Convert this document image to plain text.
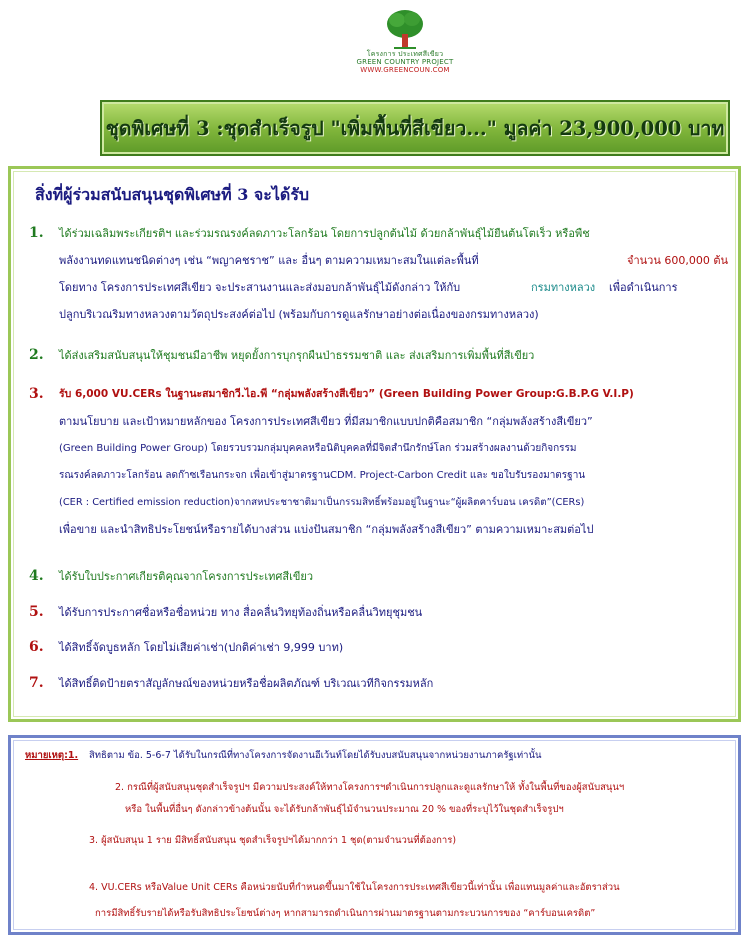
โครงการ ประเทศสีเขียว
GREEN COUNTRY PROJECT
WWW.GREENCOUN.COM
ชุดพิเศษที่ 3 :ชุดสำเร็จรูป "เพิ่มพื้นที่สีเขียว..." มูลค่า 23,900,000 บาท
สิ่งที่ผู้ร่วมสนับสนุนชุดพิเศษที่ 3 จะได้รับ
1.	ได้ร่วมเฉลิมพระเกียรติฯ และร่วมรณรงค์ลดภาวะโลกร้อน โดยการปลูกต้นไม้ ด้วยกล้าพันธุ์ไม้ยืนต้นโตเร็ว หรือพืช
พลังงานทดแทนชนิดต่างๆ เช่น “พญาคชราช” และ อื่นๆ ตามความเหมาะสมในแต่ละพื้นที่	จำนวน 600,000 ต้น
โดยทาง โครงการประเทศสีเขียว จะประสานงานและส่งมอบกล้าพันธุ์ไม้ดังกล่าว ให้กับ	กรมทางหลวง เพื่อดำเนินการ
ปลูกบริเวณริมทางหลวงตามวัตถุประสงค์ต่อไป (พร้อมกับการดูแลรักษาอย่างต่อเนื่องของกรมทางหลวง)
2.	ได้ส่งเสริมสนับสนุนให้ชุมชนมีอาชีพ หยุดยั้งการบุกรุกผืนป่าธรรมชาติ และ ส่งเสริมการเพิ่มพื้นที่สีเขียว
3.	รับ 6,000 VU.CERs ในฐานะสมาชิกวี.ไอ.พี “กลุ่มพลังสร้างสีเขียว” (Green Building Power Group:G.B.P.G V.I.P)
ตามนโยบาย และเป้าหมายหลักของ โครงการประเทศสีเขียว ที่มีสมาชิกแบบปกติคือสมาชิก “กลุ่มพลังสร้างสีเขียว”
(Green Building Power Group) โดยรวบรวมกลุ่มบุคคลหรือนิติบุคคลที่มีจิตสำนึกรักษ์โลก ร่วมสร้างผลงานด้วยกิจกรรม
รณรงค์ลดภาวะโลกร้อน ลดก๊าซเรือนกระจก เพื่อเข้าสู่มาตรฐานCDM. Project-Carbon Credit และ ขอใบรับรองมาตรฐาน
(CER : Certified emission reduction)จากสหประชาชาติมาเป็นกรรมสิทธิ์พร้อมอยู่ในฐานะ“ผู้ผลิตคาร์บอน เครดิต”(CERs)
เพื่อขาย และนำสิทธิประโยชน์หรือรายได้บางส่วน แบ่งปันสมาชิก “กลุ่มพลังสร้างสีเขียว” ตามความเหมาะสมต่อไป
4.	ได้รับใบประกาศเกียรติคุณจากโครงการประเทศสีเขียว
5.	ได้รับการประกาศชื่อหรือชื่อหน่วย ทาง สื่อคลื่นวิทยุท้องถิ่นหรือคลื่นวิทยุชุมชน
6.	ได้สิทธิ์จัดบูธหลัก โดยไม่เสียค่าเช่า(ปกติค่าเช่า 9,999 บาท)
7.	ได้สิทธิ์ติดป้ายตราสัญลักษณ์ของหน่วยหรือชื่อผลิตภัณฑ์ บริเวณเวทีกิจกรรมหลัก
หมายเหตุ:1. สิทธิตาม ข้อ. 5-6-7 ได้รับในกรณีที่ทางโครงการจัดงานอีเว้นท์โดยได้รับงบสนับสนุนจากหน่วยงานภาครัฐเท่านั้น
2. กรณีที่ผู้สนับสนุนชุดสำเร็จรูปฯ มีความประสงค์ให้ทางโครงการฯดำเนินการปลูกและดูแลรักษาให้ ทั้งในพื้นที่ของผู้สนับสนุนฯ
หรือ ในพื้นที่อื่นๆ ดังกล่าวข้างต้นนั้น จะได้รับกล้าพันธุ์ไม้จำนวนประมาณ 20 % ของที่ระบุไว้ในชุดสำเร็จรูปฯ
3. ผู้สนับสนุน 1 ราย มีสิทธิ์สนับสนุน ชุดสำเร็จรูปฯได้มากกว่า 1 ชุด(ตามจำนวนที่ต้องการ)
4. VU.CERs หรือValue Unit CERs คือหน่วยนับที่กำหนดขึ้นมาใช้ในโครงการประเทศสีเขียวนี้เท่านั้น เพื่อแทนมูลค่าและอัตราส่วน
การมีสิทธิ์รับรายได้หรือรับสิทธิประโยชน์ต่างๆ หากสามารถดำเนินการผ่านมาตรฐานตามกระบวนการของ “คาร์บอนเครดิต”
